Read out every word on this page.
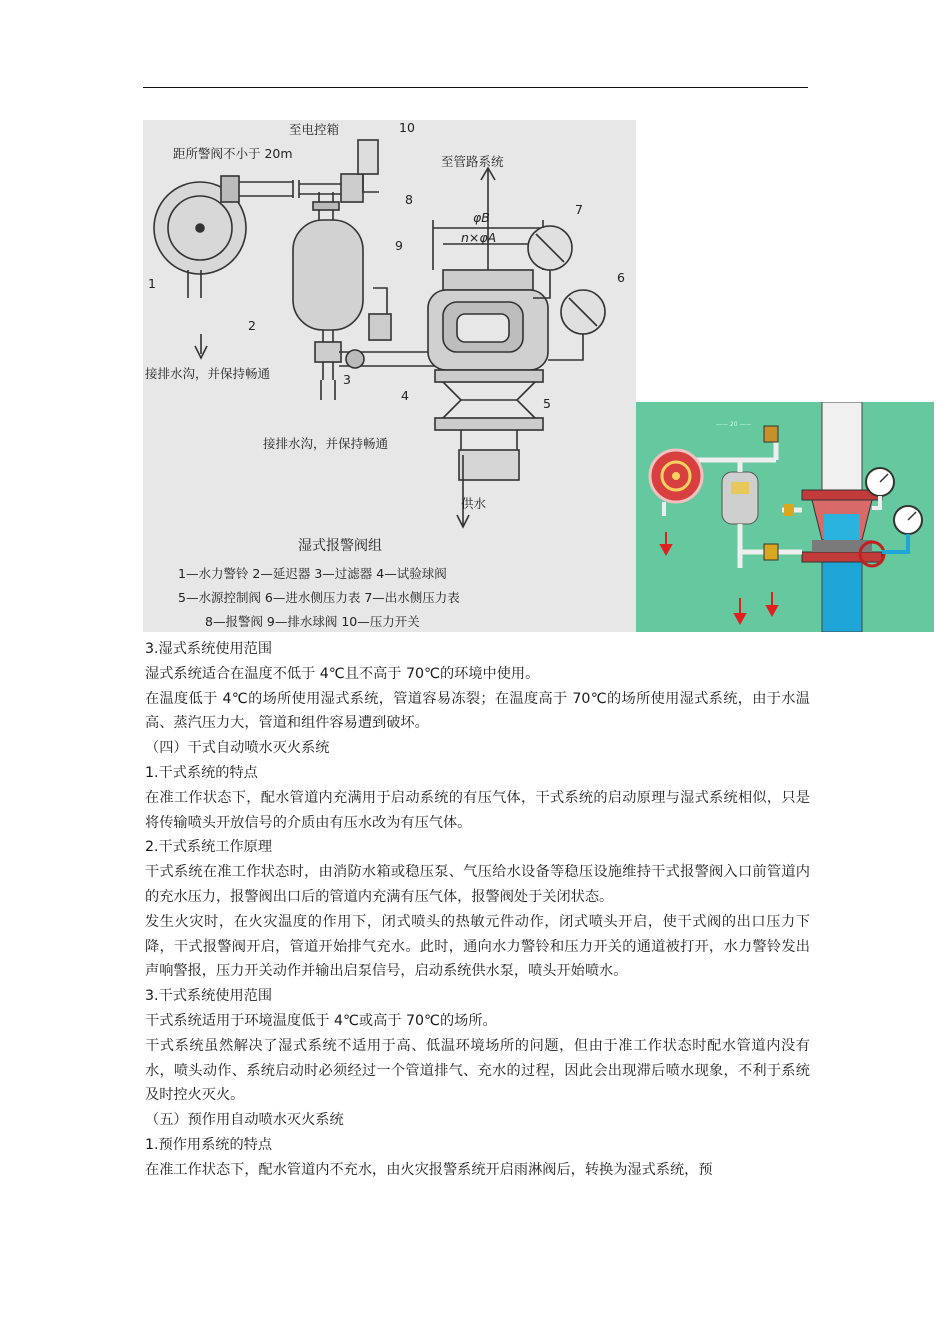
至电控箱
距所警阀不小于 20m
至管路系统
φB
n×φA
接排水沟，并保持畅通
接排水沟，并保持畅通
供水
1
2
3
4
5
6
7
8
9
10
湿式报警阀组
1—水力警铃 2—延迟器 3—过滤器 4—试验球阀
5—水源控制阀 6—进水侧压力表 7—出水侧压力表
8—报警阀 9—排水球阀 10—压力开关
—— 20 ——

3.湿式系统使用范围

湿式系统适合在温度不低于 4℃且不高于 70℃的环境中使用。

在温度低于 4℃的场所使用湿式系统，管道容易冻裂；在温度高于 70℃的场所使用湿式系统，由于水温高、蒸汽压力大，管道和组件容易遭到破坏。

（四）干式自动喷水灭火系统

1.干式系统的特点

在准工作状态下，配水管道内充满用于启动系统的有压气体，干式系统的启动原理与湿式系统相似，只是将传输喷头开放信号的介质由有压水改为有压气体。

2.干式系统工作原理

干式系统在准工作状态时，由消防水箱或稳压泵、气压给水设备等稳压设施维持干式报警阀入口前管道内的充水压力，报警阀出口后的管道内充满有压气体，报警阀处于关闭状态。

发生火灾时，在火灾温度的作用下，闭式喷头的热敏元件动作，闭式喷头开启，使干式阀的出口压力下降，干式报警阀开启，管道开始排气充水。此时，通向水力警铃和压力开关的通道被打开，水力警铃发出声响警报，压力开关动作并输出启泵信号，启动系统供水泵，喷头开始喷水。

3.干式系统使用范围

干式系统适用于环境温度低于 4℃或高于 70℃的场所。

干式系统虽然解决了湿式系统不适用于高、低温环境场所的问题，但由于准工作状态时配水管道内没有水，喷头动作、系统启动时必须经过一个管道排气、充水的过程，因此会出现滞后喷水现象，不利于系统及时控火灭火。

（五）预作用自动喷水灭火系统

1.预作用系统的特点

在准工作状态下，配水管道内不充水，由火灾报警系统开启雨淋阀后，转换为湿式系统，预
